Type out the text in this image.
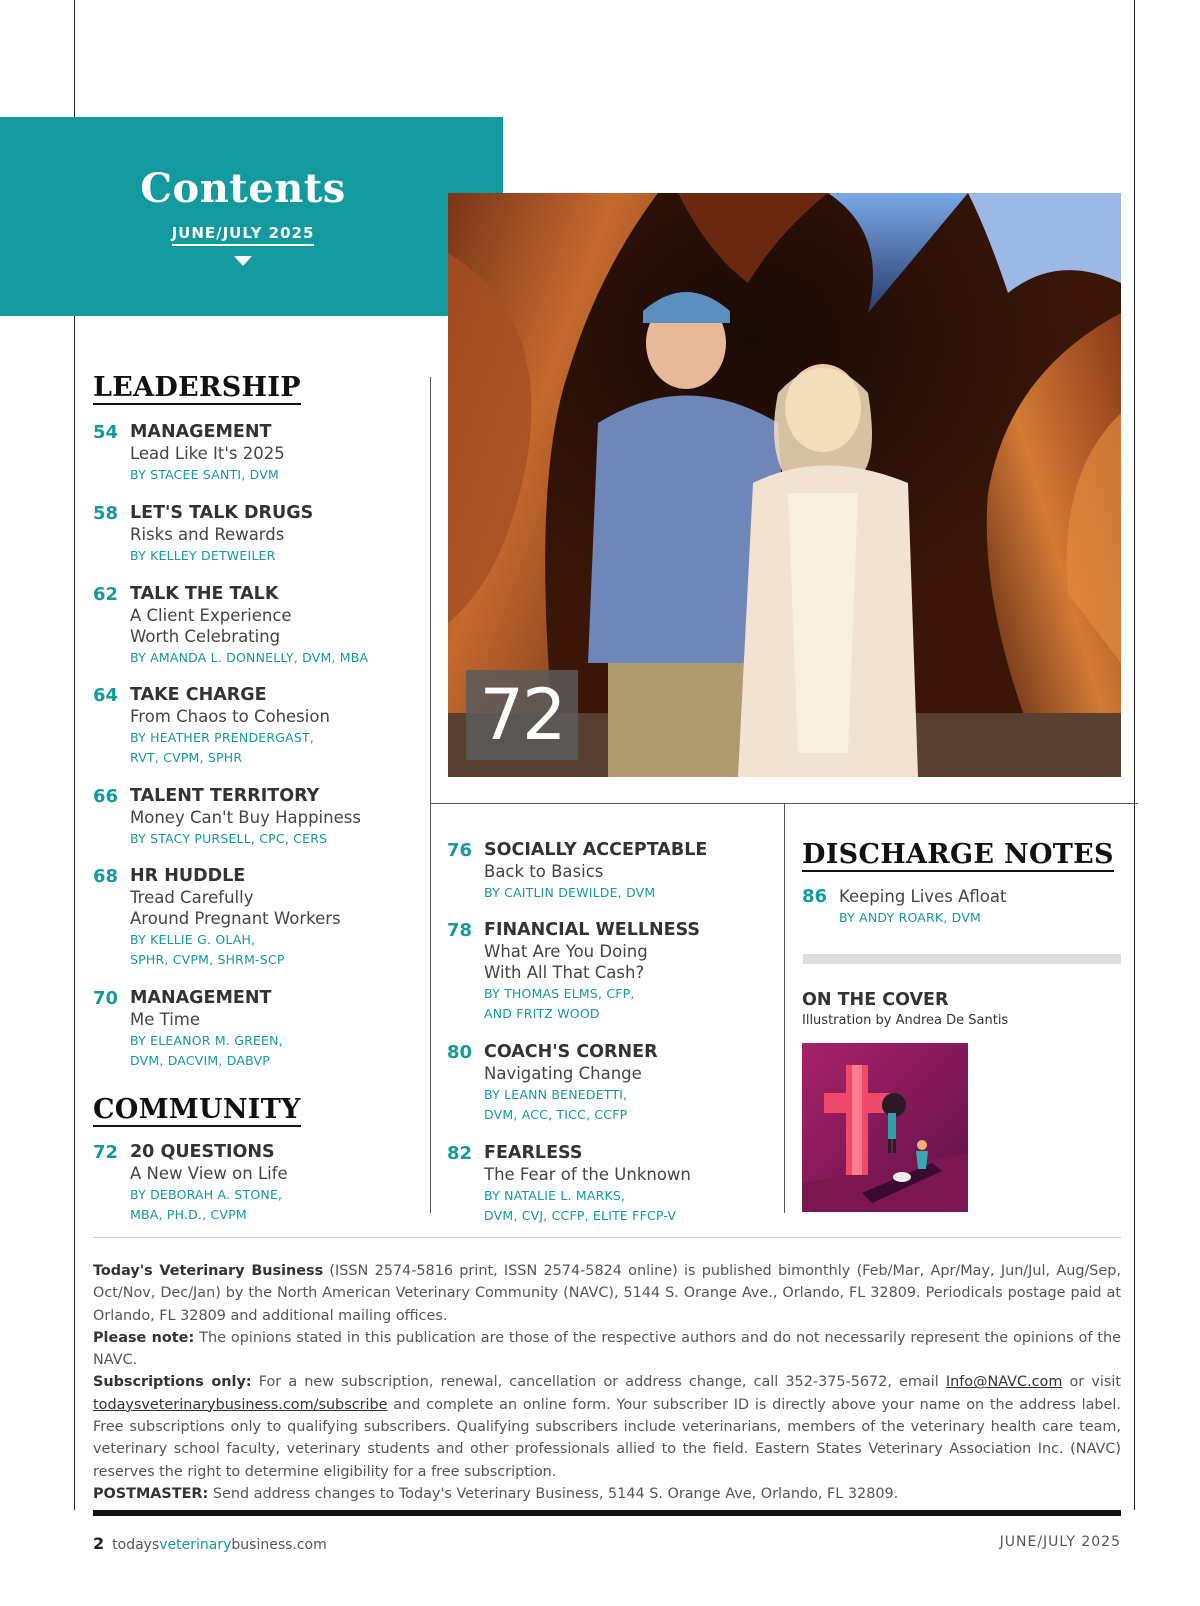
Contents
JUNE/JULY 2025
72
LEADERSHIP
54 MANAGEMENT
Lead Like It's 2025
BY STACEE SANTI, DVM
58 LET'S TALK DRUGS
Risks and Rewards
BY KELLEY DETWEILER
62 TALK THE TALK
A Client Experience
Worth Celebrating
BY AMANDA L. DONNELLY, DVM, MBA
64 TAKE CHARGE
From Chaos to Cohesion
BY HEATHER PRENDERGAST,
RVT, CVPM, SPHR
66 TALENT TERRITORY
Money Can't Buy Happiness
BY STACY PURSELL, CPC, CERS
68 HR HUDDLE
Tread Carefully
Around Pregnant Workers
BY KELLIE G. OLAH,
SPHR, CVPM, SHRM-SCP
70 MANAGEMENT
Me Time
BY ELEANOR M. GREEN,
DVM, DACVIM, DABVP
COMMUNITY
72 20 QUESTIONS
A New View on Life
BY DEBORAH A. STONE,
MBA, PH.D., CVPM
76 SOCIALLY ACCEPTABLE
Back to Basics
BY CAITLIN DEWILDE, DVM
78 FINANCIAL WELLNESS
What Are You Doing
With All That Cash?
BY THOMAS ELMS, CFP,
AND FRITZ WOOD
80 COACH'S CORNER
Navigating Change
BY LEANN BENEDETTI,
DVM, ACC, TICC, CCFP
82 FEARLESS
The Fear of the Unknown
BY NATALIE L. MARKS,
DVM, CVJ, CCFP, ELITE FFCP-V
DISCHARGE NOTES
86 Keeping Lives Afloat
BY ANDY ROARK, DVM
ON THE COVER
Illustration by Andrea De Santis

Today's Veterinary Business (ISSN 2574-5816 print, ISSN 2574-5824 online) is published bimonthly (Feb/Mar, Apr/May, Jun/Jul, Aug/Sep, Oct/Nov, Dec/Jan) by the North American Veterinary Community (NAVC), 5144 S. Orange Ave., Orlando, FL 32809. Periodicals postage paid at Orlando, FL 32809 and additional mailing offices.

Please note: The opinions stated in this publication are those of the respective authors and do not necessarily represent the opinions of the NAVC.

Subscriptions only: For a new subscription, renewal, cancellation or address change, call 352-375-5672, email Info@NAVC.com or visit todaysveterinarybusiness.com/subscribe and complete an online form. Your subscriber ID is directly above your name on the address label. Free subscriptions only to qualifying subscribers. Qualifying subscribers include veterinarians, members of the veterinary health care team, veterinary school faculty, veterinary students and other professionals allied to the field. Eastern States Veterinary Association Inc. (NAVC) reserves the right to determine eligibility for a free subscription.

POSTMASTER: Send address changes to Today's Veterinary Business, 5144 S. Orange Ave, Orlando, FL 32809.

2 todaysveterinarybusiness.com	JUNE/JULY 2025
